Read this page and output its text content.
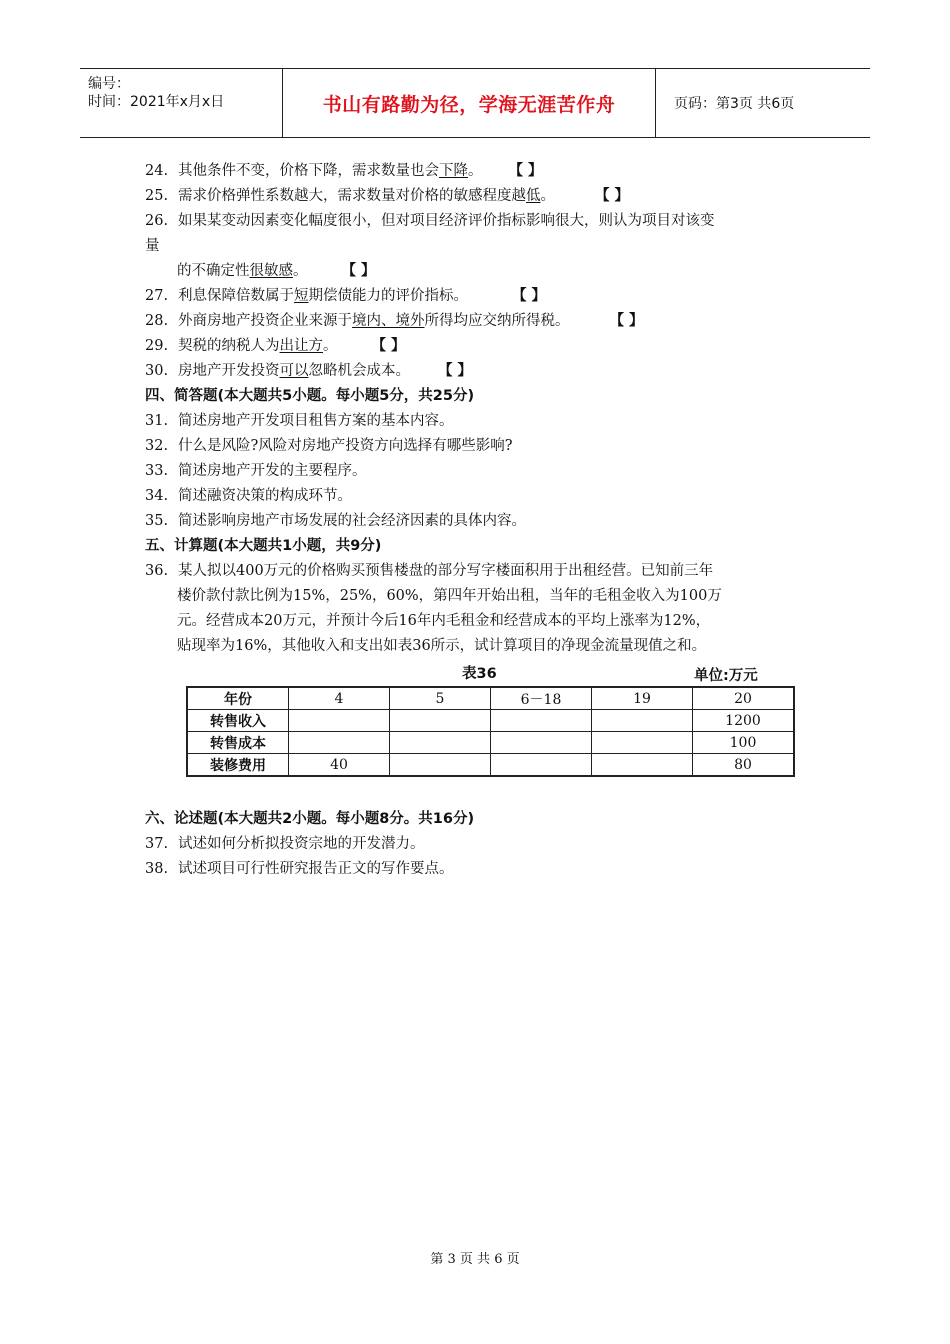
编号：
时间：2021年x月x日	书山有路勤为径，学海无涯苦作舟	页码：第3页 共6页
24. 其他条件不变，价格下降，需求数量也会下降。 【 】
25. 需求价格弹性系数越大，需求数量对价格的敏感程度越低。	【 】
26. 如果某变动因素变化幅度很小，但对项目经济评价指标影响很大，则认为项目对该变
量
的不确定性很敏感。 【 】
27. 利息保障倍数属于短期偿债能力的评价指标。	【 】
28. 外商房地产投资企业来源于境内、境外所得均应交纳所得税。	【 】
29. 契税的纳税人为出让方。 【 】
30. 房地产开发投资可以忽略机会成本。 【 】
四、简答题(本大题共5小题。每小题5分，共25分)
31. 简述房地产开发项目租售方案的基本内容。
32. 什么是风险?风险对房地产投资方向选择有哪些影响?
33. 简述房地产开发的主要程序。
34. 简述融资决策的构成环节。
35. 简述影响房地产市场发展的社会经济因素的具体内容。
五、计算题(本大题共1小题，共9分)
36. 某人拟以400万元的价格购买预售楼盘的部分写字楼面积用于出租经营。已知前三年
楼价款付款比例为15%，25%，60%，第四年开始出租，当年的毛租金收入为100万
元。经营成本20万元，并预计今后16年内毛租金和经营成本的平均上涨率为12%，
贴现率为16%，其他收入和支出如表36所示，试计算项目的净现金流量现值之和。
表36	单位:万元
年份	4	5	6－18	19	20
转售收入					1200
转售成本					100
装修费用	40				80
六、论述题(本大题共2小题。每小题8分。共16分)
37. 试述如何分析拟投资宗地的开发潜力。
38. 试述项目可行性研究报告正文的写作要点。
第 3 页 共 6 页
